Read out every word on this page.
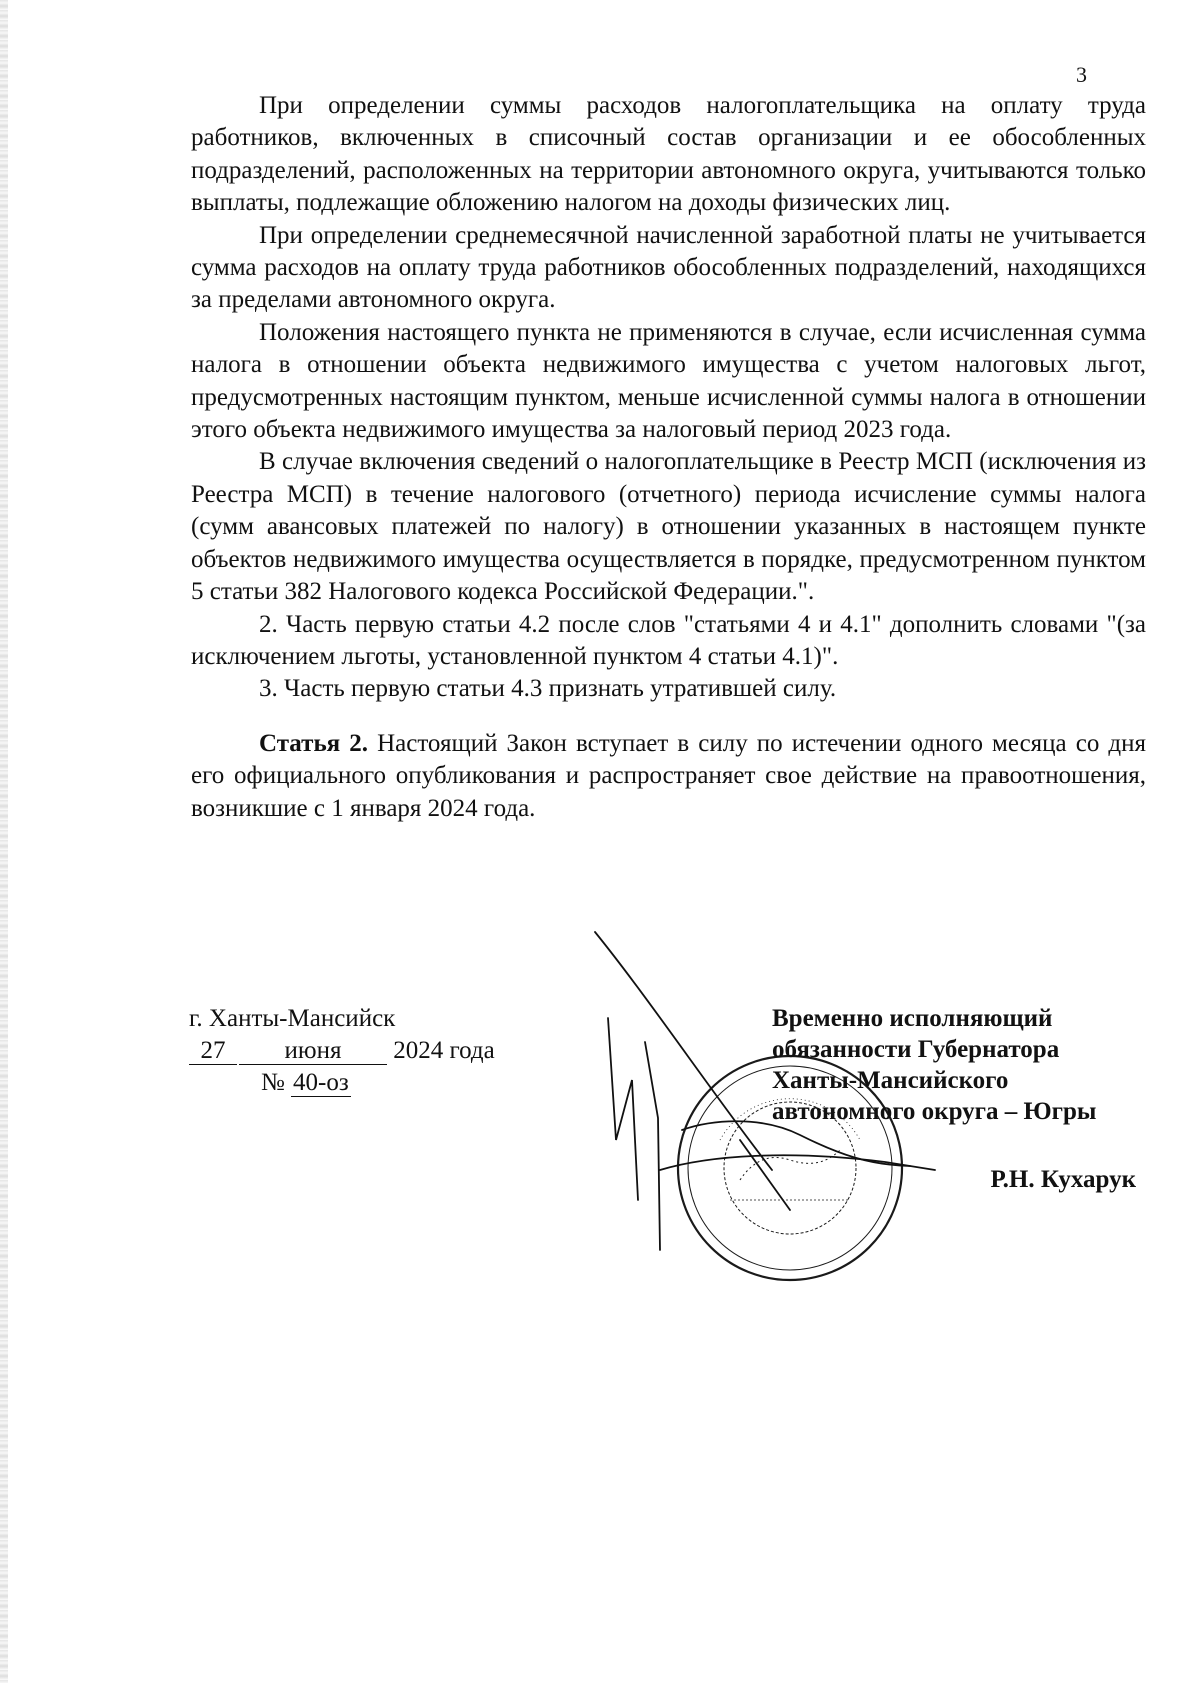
3

При определении суммы расходов налогоплательщика на оплату труда работников, включенных в списочный состав организации и ее обособленных подразделений, расположенных на территории автономного округа, учитываются только выплаты, подлежащие обложению налогом на доходы физических лиц.

При определении среднемесячной начисленной заработной платы не учитывается сумма расходов на оплату труда работников обособленных подразделений, находящихся за пределами автономного округа.

Положения настоящего пункта не применяются в случае, если исчисленная сумма налога в отношении объекта недвижимого имущества с учетом налоговых льгот, предусмотренных настоящим пунктом, меньше исчисленной суммы налога в отношении этого объекта недвижимого имущества за налоговый период 2023 года.

В случае включения сведений о налогоплательщике в Реестр МСП (исключения из Реестра МСП) в течение налогового (отчетного) периода исчисление суммы налога (сумм авансовых платежей по налогу) в отношении указанных в настоящем пункте объектов недвижимого имущества осуществляется в порядке, предусмотренном пунктом 5 статьи 382 Налогового кодекса Российской Федерации.".

2. Часть первую статьи 4.2 после слов "статьями 4 и 4.1" дополнить словами "(за исключением льготы, установленной пунктом 4 статьи 4.1)".

3. Часть первую статьи 4.3 признать утратившей силу.

Статья 2. Настоящий Закон вступает в силу по истечении одного месяца со дня его официального опубликования и распространяет свое действие на правоотношения, возникшие с 1 января 2024 года.

г. Ханты-Мансийск
27 июня 2024 года
№ 40-оз
Временно исполняющий
обязанности Губернатора
Ханты-Мансийского
автономного округа – Югры
Р.Н. Кухарук
